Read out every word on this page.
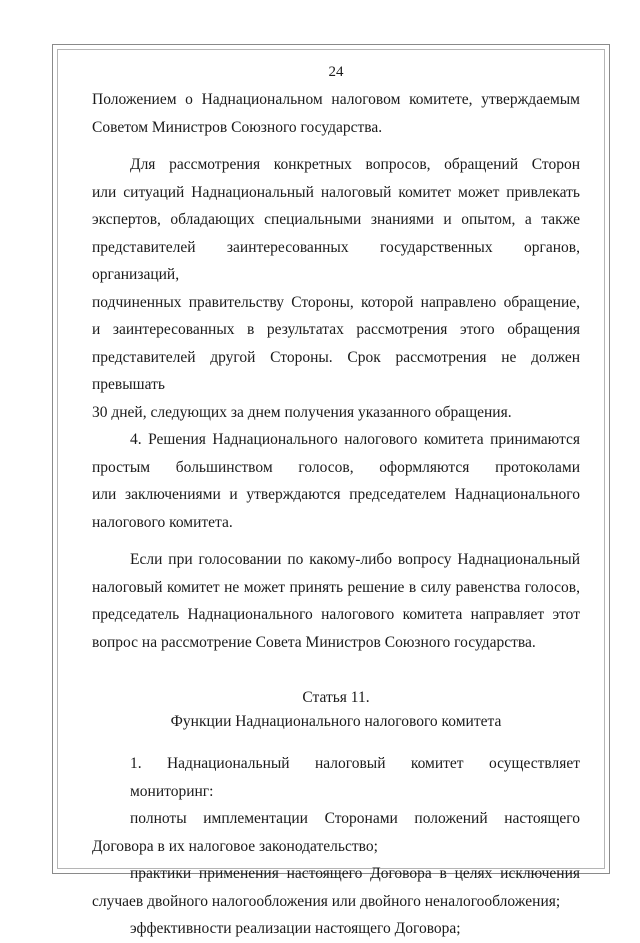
24

Положением о Наднациональном налоговом комитете, утверждаемым
Советом Министров Союзного государства.

Для рассмотрения конкретных вопросов, обращений Сторон
или ситуаций Наднациональный налоговый комитет может привлекать
экспертов, обладающих специальными знаниями и опытом, а также
представителей заинтересованных государственных органов, организаций,
подчиненных правительству Стороны, которой направлено обращение,
и заинтересованных в результатах рассмотрения этого обращения
представителей другой Стороны. Срок рассмотрения не должен превышать
30 дней, следующих за днем получения указанного обращения.

4. Решения Наднационального налогового комитета принимаются
простым большинством голосов, оформляются протоколами
или заключениями и утверждаются председателем Наднационального
налогового комитета.

Если при голосовании по какому-либо вопросу Наднациональный
налоговый комитет не может принять решение в силу равенства голосов,
председатель Наднационального налогового комитета направляет этот
вопрос на рассмотрение Совета Министров Союзного государства.

Статья 11.

Функции Наднационального налогового комитета

1. Наднациональный налоговый комитет осуществляет мониторинг:

полноты имплементации Сторонами положений настоящего
Договора в их налоговое законодательство;

практики применения настоящего Договора в целях исключения
случаев двойного налогообложения или двойного неналогообложения;

эффективности реализации настоящего Договора;
